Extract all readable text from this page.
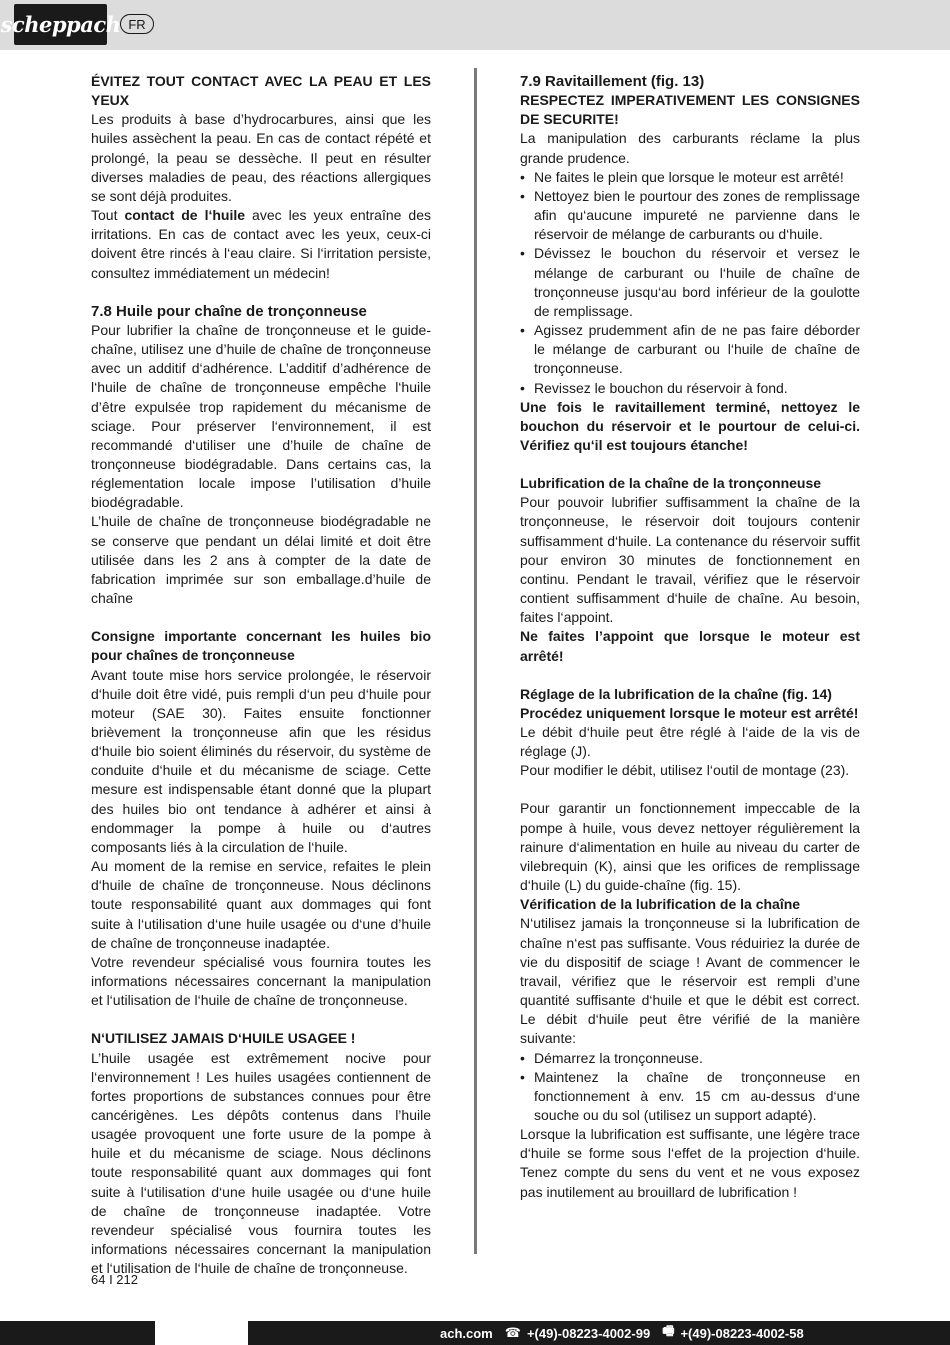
scheppach FR

ÉVITEZ TOUT CONTACT AVEC LA PEAU ET LES YEUX

Les produits à base d’hydrocarbures, ainsi que les huiles assèchent la peau. En cas de contact répété et prolongé, la peau se dessèche. Il peut en résulter diverses maladies de peau, des réactions allergiques se sont déjà produites.

Tout contact de l‘huile avec les yeux entraîne des irritations. En cas de contact avec les yeux, ceux-ci doivent être rincés à l‘eau claire. Si l‘irritation persiste, consultez immédiatement un médecin!

7.8 Huile pour chaîne de tronçonneuse

Pour lubrifier la chaîne de tronçonneuse et le guide-chaîne, utilisez une d’huile de chaîne de tronçonneuse avec un additif d‘adhérence. L’additif d’adhérence de l‘huile de chaîne de tronçonneuse empêche l‘huile d’être expulsée trop rapidement du mécanisme de sciage. Pour préserver l‘environnement, il est recommandé d‘utiliser une d’huile de chaîne de tronçonneuse biodégradable. Dans certains cas, la réglementation locale impose l’utilisation d’huile biodégradable.

L’huile de chaîne de tronçonneuse biodégradable ne se conserve que pendant un délai limité et doit être utilisée dans les 2 ans à compter de la date de fabrication imprimée sur son emballage.d’huile de chaîne

Consigne importante concernant les huiles bio pour chaînes de tronçonneuse

Avant toute mise hors service prolongée, le réservoir d‘huile doit être vidé, puis rempli d‘un peu d‘huile pour moteur (SAE 30). Faites ensuite fonctionner brièvement la tronçonneuse afin que les résidus d‘huile bio soient éliminés du réservoir, du système de conduite d‘huile et du mécanisme de sciage. Cette mesure est indispensable étant donné que la plupart des huiles bio ont tendance à adhérer et ainsi à endommager la pompe à huile ou d‘autres composants liés à la circulation de l‘huile.

Au moment de la remise en service, refaites le plein d‘huile de chaîne de tronçonneuse. Nous déclinons toute responsabilité quant aux dommages qui font suite à l‘utilisation d‘une huile usagée ou d‘une d’huile de chaîne de tronçonneuse inadaptée.

Votre revendeur spécialisé vous fournira toutes les informations nécessaires concernant la manipulation et l‘utilisation de l‘huile de chaîne de tronçonneuse.

N‘UTILISEZ JAMAIS D‘HUILE USAGEE !

L’huile usagée est extrêmement nocive pour l‘environnement ! Les huiles usagées contiennent de fortes proportions de substances connues pour être cancérigènes. Les dépôts contenus dans l’huile usagée provoquent une forte usure de la pompe à huile et du mécanisme de sciage. Nous déclinons toute responsabilité quant aux dommages qui font suite à l‘utilisation d‘une huile usagée ou d‘une huile de chaîne de tronçonneuse inadaptée. Votre revendeur spécialisé vous fournira toutes les informations nécessaires concernant la manipulation et l‘utilisation de l‘huile de chaîne de tronçonneuse.

7.9 Ravitaillement (fig. 13)

RESPECTEZ IMPERATIVEMENT LES CONSIGNES DE SECURITE!

La manipulation des carburants réclame la plus grande prudence.

• Ne faites le plein que lorsque le moteur est arrêté!
• Nettoyez bien le pourtour des zones de remplissage afin qu‘aucune impureté ne parvienne dans le réservoir de mélange de carburants ou d‘huile.
• Dévissez le bouchon du réservoir et versez le mélange de carburant ou l‘huile de chaîne de tronçonneuse jusqu‘au bord inférieur de la goulotte de remplissage.
• Agissez prudemment afin de ne pas faire déborder le mélange de carburant ou l‘huile de chaîne de tronçonneuse.
• Revissez le bouchon du réservoir à fond.

Une fois le ravitaillement terminé, nettoyez le bouchon du réservoir et le pourtour de celui-ci. Vérifiez qu‘il est toujours étanche!

Lubrification de la chaîne de la tronçonneuse

Pour pouvoir lubrifier suffisamment la chaîne de la tronçonneuse, le réservoir doit toujours contenir suffisamment d‘huile. La contenance du réservoir suffit pour environ 30 minutes de fonctionnement en continu. Pendant le travail, vérifiez que le réservoir contient suffisamment d‘huile de chaîne. Au besoin, faites l‘appoint.

Ne faites l’appoint que lorsque le moteur est arrêté!

Réglage de la lubrification de la chaîne (fig. 14)

Procédez uniquement lorsque le moteur est arrêté!

Le débit d‘huile peut être réglé à l‘aide de la vis de réglage (J).

Pour modifier le débit, utilisez l‘outil de montage (23).

Pour garantir un fonctionnement impeccable de la pompe à huile, vous devez nettoyer régulièrement la rainure d‘alimentation en huile au niveau du carter de vilebrequin (K), ainsi que les orifices de remplissage d‘huile (L) du guide-chaîne (fig. 15).

Vérification de la lubrification de la chaîne

N‘utilisez jamais la tronçonneuse si la lubrification de chaîne n‘est pas suffisante. Vous réduiriez la durée de vie du dispositif de sciage ! Avant de commencer le travail, vérifiez que le réservoir est rempli d’une quantité suffisante d‘huile et que le débit est correct. Le débit d‘huile peut être vérifié de la manière suivante:

• Démarrez la tronçonneuse.
• Maintenez la chaîne de tronçonneuse en fonctionnement à env. 15 cm au-dessus d‘une souche ou du sol (utilisez un support adapté).

Lorsque la lubrification est suffisante, une légère trace d‘huile se forme sous l‘effet de la projection d‘huile. Tenez compte du sens du vent et ne vous exposez pas inutilement au brouillard de lubrification !

64 I 212
ach.com ☎ +(49)-08223-4002-99 🖷 +(49)-08223-4002-58
